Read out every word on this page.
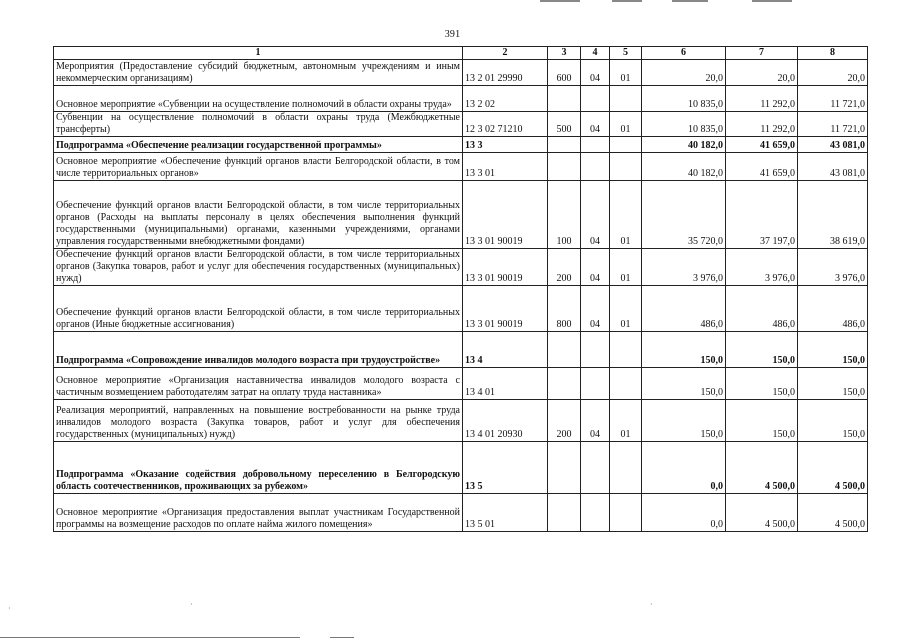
391
1	2	3	4	5	6	7	8
Мероприятия (Предоставление субсидий бюджетным, автономным учреждениям и иным некоммерческим организациям)	13 2 01 29990	600	04	01	20,0	20,0	20,0
Основное мероприятие «Субвенции на осуществление полномочий в области охраны труда»	13 2 02				10 835,0	11 292,0	11 721,0
Субвенции на осуществление полномочий в области охраны труда (Межбюджетные трансферты)	12 3 02 71210	500	04	01	10 835,0	11 292,0	11 721,0
Подпрограмма «Обеспечение реализации государственной программы»	13 3				40 182,0	41 659,0	43 081,0
Основное мероприятие «Обеспечение функций органов власти Белгородской области, в том числе территориальных органов»	13 3 01				40 182,0	41 659,0	43 081,0
Обеспечение функций органов власти Белгородской области, в том числе территориальных органов (Расходы на выплаты персоналу в целях обеспечения выполнения функций государственными (муниципальными) органами, казенными учреждениями, органами управления государственными внебюджетными фондами)	13 3 01 90019	100	04	01	35 720,0	37 197,0	38 619,0
Обеспечение функций органов власти Белгородской области, в том числе территориальных органов (Закупка товаров, работ и услуг для обеспечения государственных (муниципальных) нужд)	13 3 01 90019	200	04	01	3 976,0	3 976,0	3 976,0
Обеспечение функций органов власти Белгородской области, в том числе территориальных органов (Иные бюджетные ассигнования)	13 3 01 90019	800	04	01	486,0	486,0	486,0
Подпрограмма «Сопровождение инвалидов молодого возраста при трудоустройстве»	13 4				150,0	150,0	150,0
Основное мероприятие «Организация наставничества инвалидов молодого возраста с частичным возмещением работодателям затрат на оплату труда наставника»	13 4 01				150,0	150,0	150,0
Реализация мероприятий, направленных на повышение востребованности на рынке труда инвалидов молодого возраста (Закупка товаров, работ и услуг для обеспечения государственных (муниципальных) нужд)	13 4 01 20930	200	04	01	150,0	150,0	150,0
Подпрограмма «Оказание содействия добровольному переселению в Белгородскую область соотечественников, проживающих за рубежом»	13 5				0,0	4 500,0	4 500,0
Основное мероприятие «Организация предоставления выплат участникам Государственной программы на возмещение расходов по оплате найма жилого помещения»	13 5 01				0,0	4 500,0	4 500,0
·	·	·
